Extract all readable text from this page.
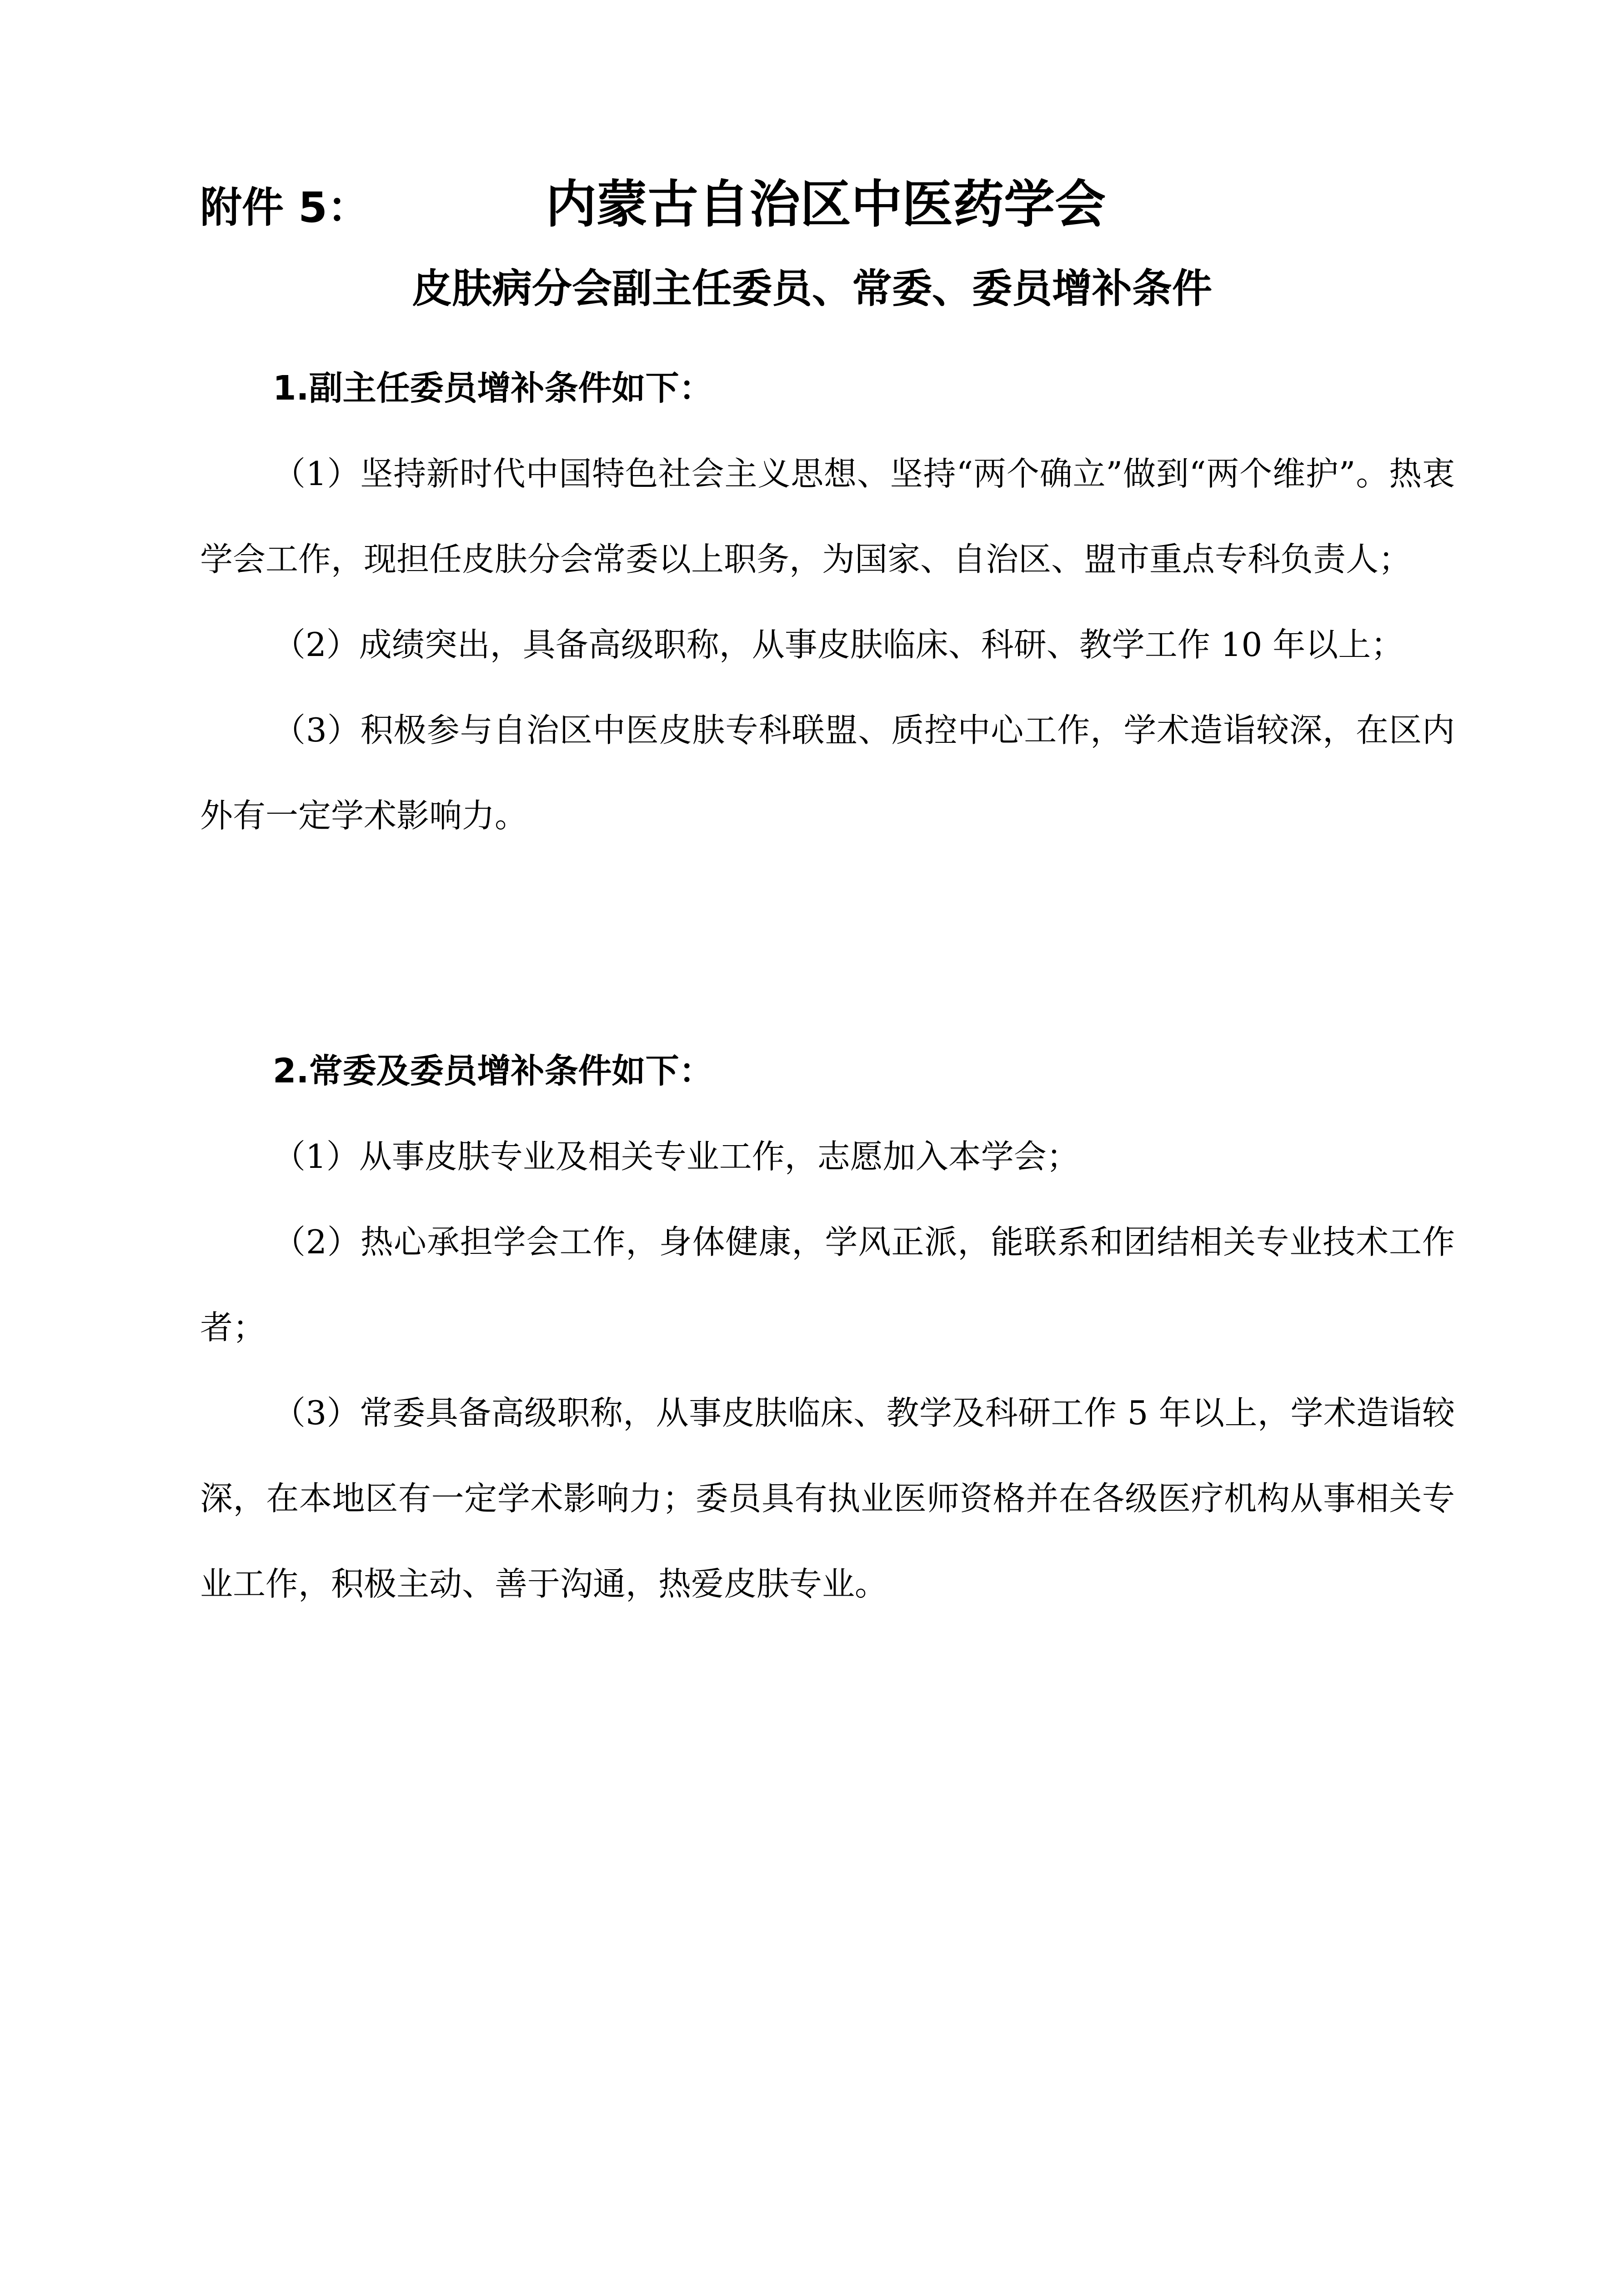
附件 5：	内蒙古自治区中医药学会
皮肤病分会副主任委员、常委、委员增补条件

1.副主任委员增补条件如下：

（1）坚持新时代中国特色社会主义思想、坚持“两个确立”做到“两个维护”。热衷学会工作，现担任皮肤分会常委以上职务，为国家、自治区、盟市重点专科负责人；

（2）成绩突出，具备高级职称，从事皮肤临床、科研、教学工作 10 年以上；

（3）积极参与自治区中医皮肤专科联盟、质控中心工作，学术造诣较深，在区内外有一定学术影响力。

2.常委及委员增补条件如下：

（1）从事皮肤专业及相关专业工作，志愿加入本学会；

（2）热心承担学会工作，身体健康，学风正派，能联系和团结相关专业技术工作者；

（3）常委具备高级职称，从事皮肤临床、教学及科研工作 5 年以上，学术造诣较深，在本地区有一定学术影响力；委员具有执业医师资格并在各级医疗机构从事相关专业工作，积极主动、善于沟通，热爱皮肤专业。
